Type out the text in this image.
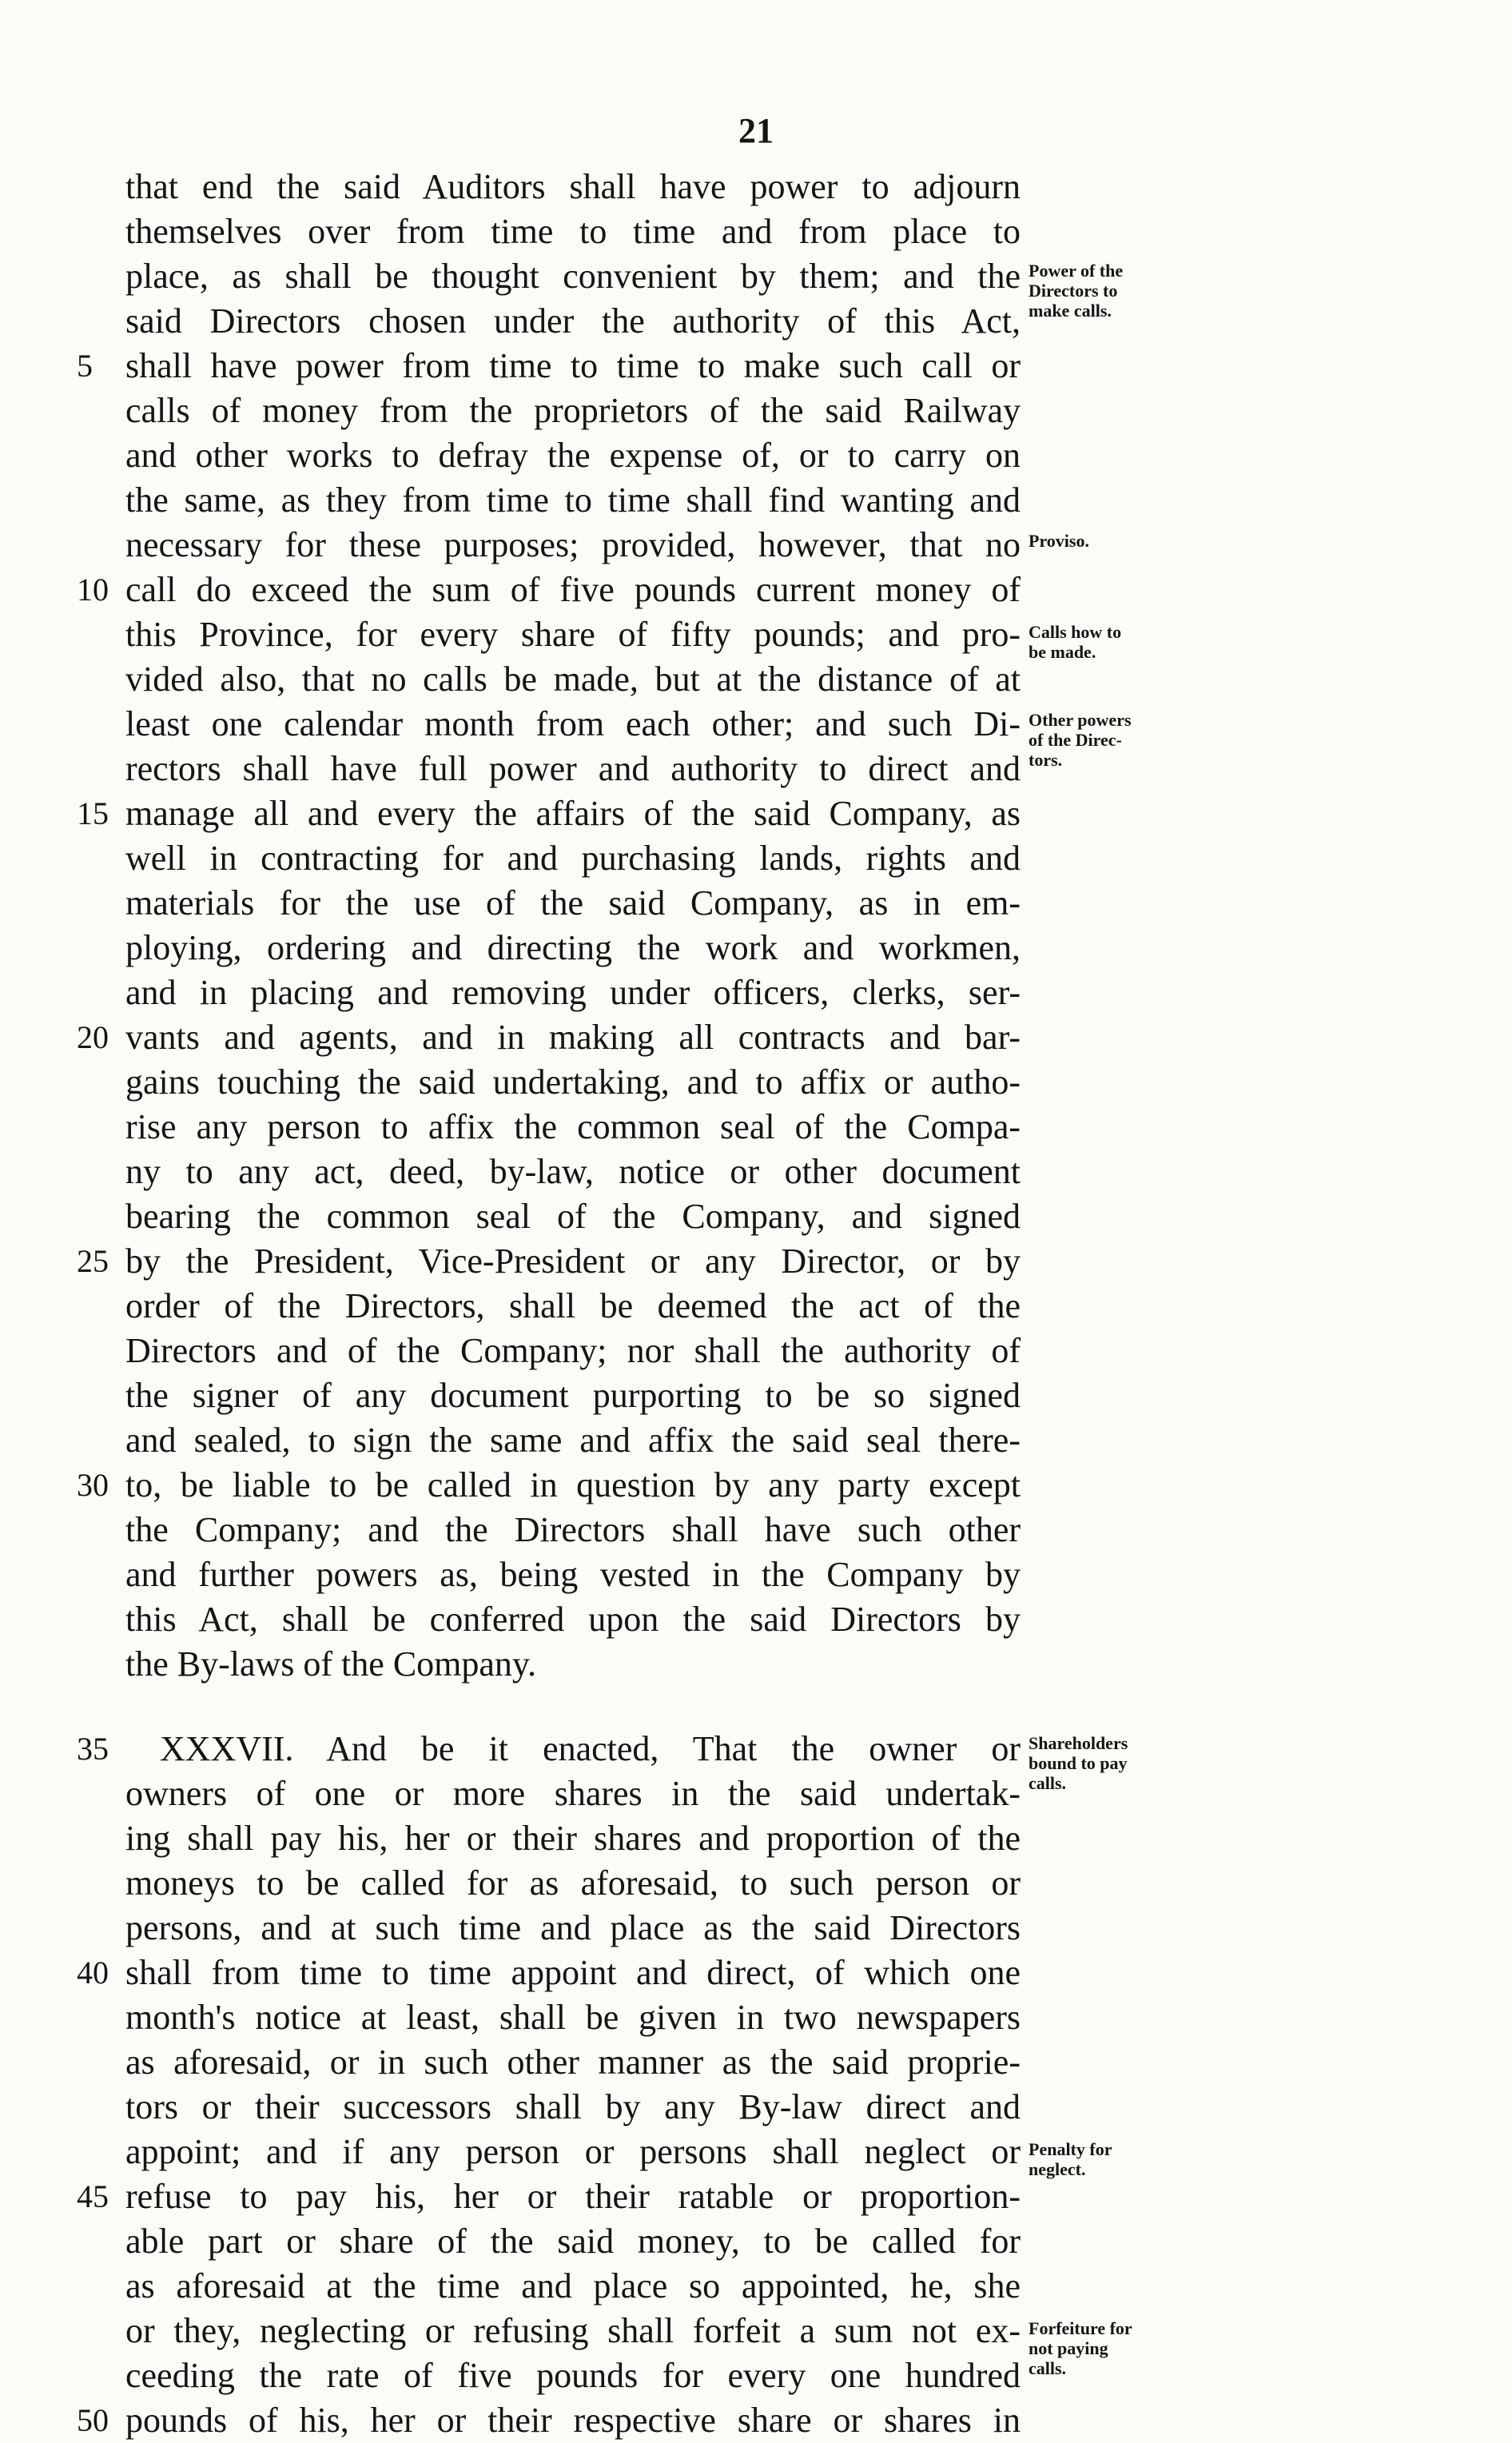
21
that end the said Auditors shall have power to adjourn
themselves over from time to time and from place to
place, as shall be thought convenient by them; and the
said Directors chosen under the authority of this Act,
shall have power from time to time to make such call or
calls of money from the proprietors of the said Railway
and other works to defray the expense of, or to carry on
the same, as they from time to time shall find wanting and
necessary for these purposes; provided, however, that no
call do exceed the sum of five pounds current money of
this Province, for every share of fifty pounds; and pro-
vided also, that no calls be made, but at the distance of at
least one calendar month from each other; and such Di-
rectors shall have full power and authority to direct and
manage all and every the affairs of the said Company, as
well in contracting for and purchasing lands, rights and
materials for the use of the said Company, as in em-
ploying, ordering and directing the work and workmen,
and in placing and removing under officers, clerks, ser-
vants and agents, and in making all contracts and bar-
gains touching the said undertaking, and to affix or autho-
rise any person to affix the common seal of the Compa-
ny to any act, deed, by-law, notice or other document
bearing the common seal of the Company, and signed
by the President, Vice-President or any Director, or by
order of the Directors, shall be deemed the act of the
Directors and of the Company; nor shall the authority of
the signer of any document purporting to be so signed
and sealed, to sign the same and affix the said seal there-
to, be liable to be called in question by any party except
the Company; and the Directors shall have such other
and further powers as, being vested in the Company by
this Act, shall be conferred upon the said Directors by
the By-laws of the Company.
XXXVII. And be it enacted, That the owner or
owners of one or more shares in the said undertak-
ing shall pay his, her or their shares and proportion of the
moneys to be called for as aforesaid, to such person or
persons, and at such time and place as the said Directors
shall from time to time appoint and direct, of which one
month's notice at least, shall be given in two newspapers
as aforesaid, or in such other manner as the said proprie-
tors or their successors shall by any By-law direct and
appoint; and if any person or persons shall neglect or
refuse to pay his, her or their ratable or proportion-
able part or share of the said money, to be called for
as aforesaid at the time and place so appointed, he, she
or they, neglecting or refusing shall forfeit a sum not ex-
ceeding the rate of five pounds for every one hundred
pounds of his, her or their respective share or shares in
5
10
15
20
25
30
35
40
45
50
Power of the
Directors to
make calls.
Proviso.
Calls how to
be made.
Other powers
of the Direc-
tors.
Shareholders
bound to pay
calls.
Penalty for
neglect.
Forfeiture for
not paying
calls.
